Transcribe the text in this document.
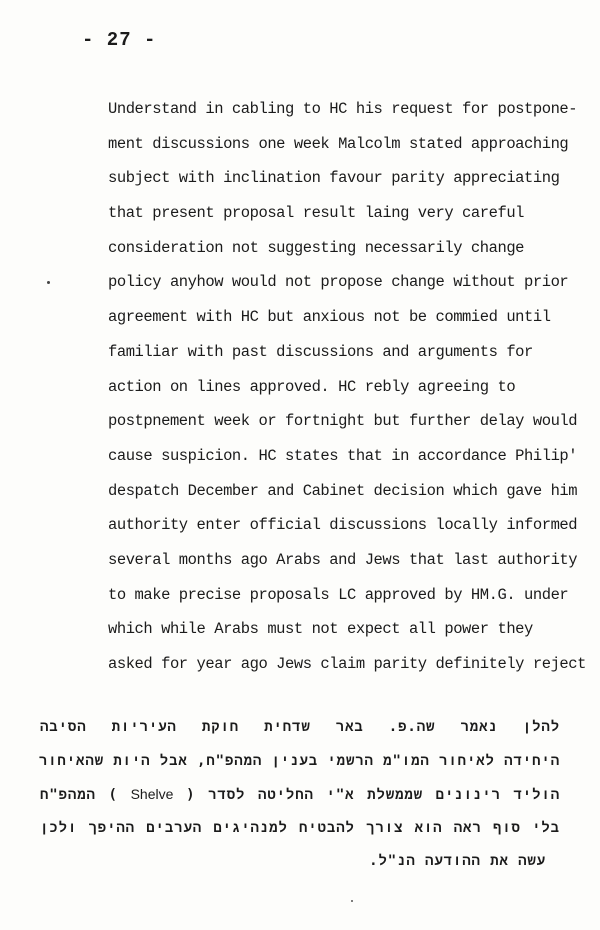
- 27 -
Understand in cabling to HC his request for postpone-
ment discussions one week Malcolm stated approaching
subject with inclination favour parity appreciating
that present proposal result laing very careful
consideration not suggesting necessarily change
policy anyhow would not propose change without prior
agreement with HC but anxious not be commied until
familiar with past discussions and arguments for
action on lines approved. HC rebly agreeing to
postpnement week or fortnight but further delay would
cause suspicion. HC states that in accordance Philip'
despatch December and Cabinet decision which gave him
authority enter official discussions locally informed
several months ago Arabs and Jews that last authority
to make precise proposals LC approved by HM.G. under
which while Arabs must not expect all power they
asked for year ago Jews claim parity definitely reject
להלן נאמר שה.פ. באר שדחית חוקת העיריות הסיבה
היחידה לאיחור המו"מ הרשמי בענין המהפ"ח, אבל היות שהאיחור
הוליד רינונים שממשלת א"י החליטה לסדר ( Shelve ) המהפ"ח
בלי סוף ראה הוא צורך להבטיח למנהיגים הערבים ההיפך ולכן
עשה את ההודעה הנ"ל.
